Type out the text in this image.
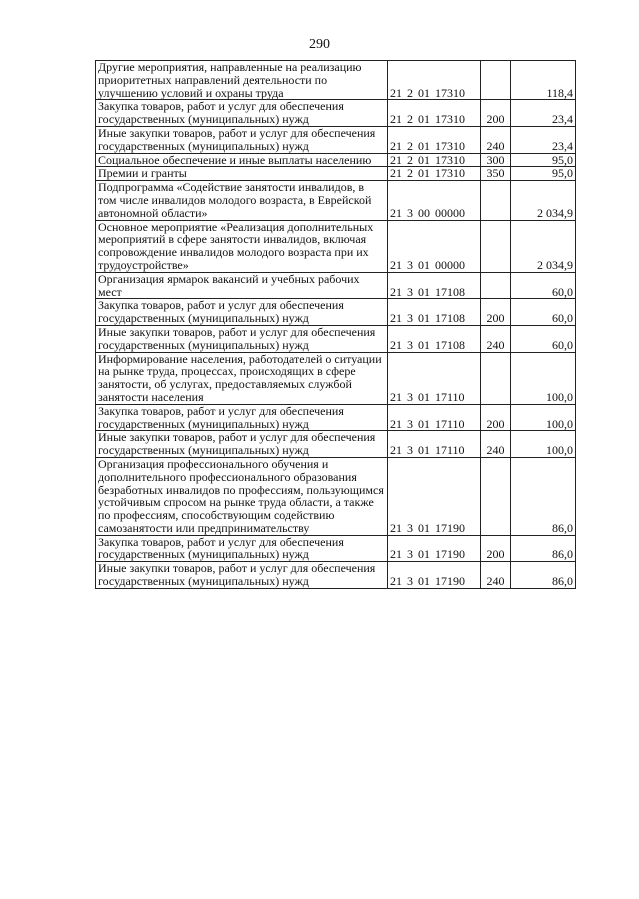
290
Другие мероприятия, направленные на реализацию приоритетных направлений деятельности по улучшению условий и охраны труда	21 2 01 17310		118,4
Закупка товаров, работ и услуг для обеспечения государственных (муниципальных) нужд	21 2 01 17310	200	23,4
Иные закупки товаров, работ и услуг для обеспечения государственных (муниципальных) нужд	21 2 01 17310	240	23,4
Социальное обеспечение и иные выплаты населению	21 2 01 17310	300	95,0
Премии и гранты	21 2 01 17310	350	95,0
Подпрограмма «Содействие занятости инвалидов, в том числе инвалидов молодого возраста, в Еврейской автономной области»	21 3 00 00000		2 034,9
Основное мероприятие «Реализация дополнительных мероприятий в сфере занятости инвалидов, включая сопровождение инвалидов молодого возраста при их трудоустройстве»	21 3 01 00000		2 034,9
Организация ярмарок вакансий и учебных рабочих мест	21 3 01 17108		60,0
Закупка товаров, работ и услуг для обеспечения государственных (муниципальных) нужд	21 3 01 17108	200	60,0
Иные закупки товаров, работ и услуг для обеспечения государственных (муниципальных) нужд	21 3 01 17108	240	60,0
Информирование населения, работодателей о ситуации на рынке труда, процессах, происходящих в сфере занятости, об услугах, предоставляемых службой занятости населения	21 3 01 17110		100,0
Закупка товаров, работ и услуг для обеспечения государственных (муниципальных) нужд	21 3 01 17110	200	100,0
Иные закупки товаров, работ и услуг для обеспечения государственных (муниципальных) нужд	21 3 01 17110	240	100,0
Организация профессионального обучения и дополнительного профессионального образования безработных инвалидов по профессиям, пользующимся устойчивым спросом на рынке труда области, а также по профессиям, способствующим содействию самозанятости или предпринимательству	21 3 01 17190		86,0
Закупка товаров, работ и услуг для обеспечения государственных (муниципальных) нужд	21 3 01 17190	200	86,0
Иные закупки товаров, работ и услуг для обеспечения государственных (муниципальных) нужд	21 3 01 17190	240	86,0
